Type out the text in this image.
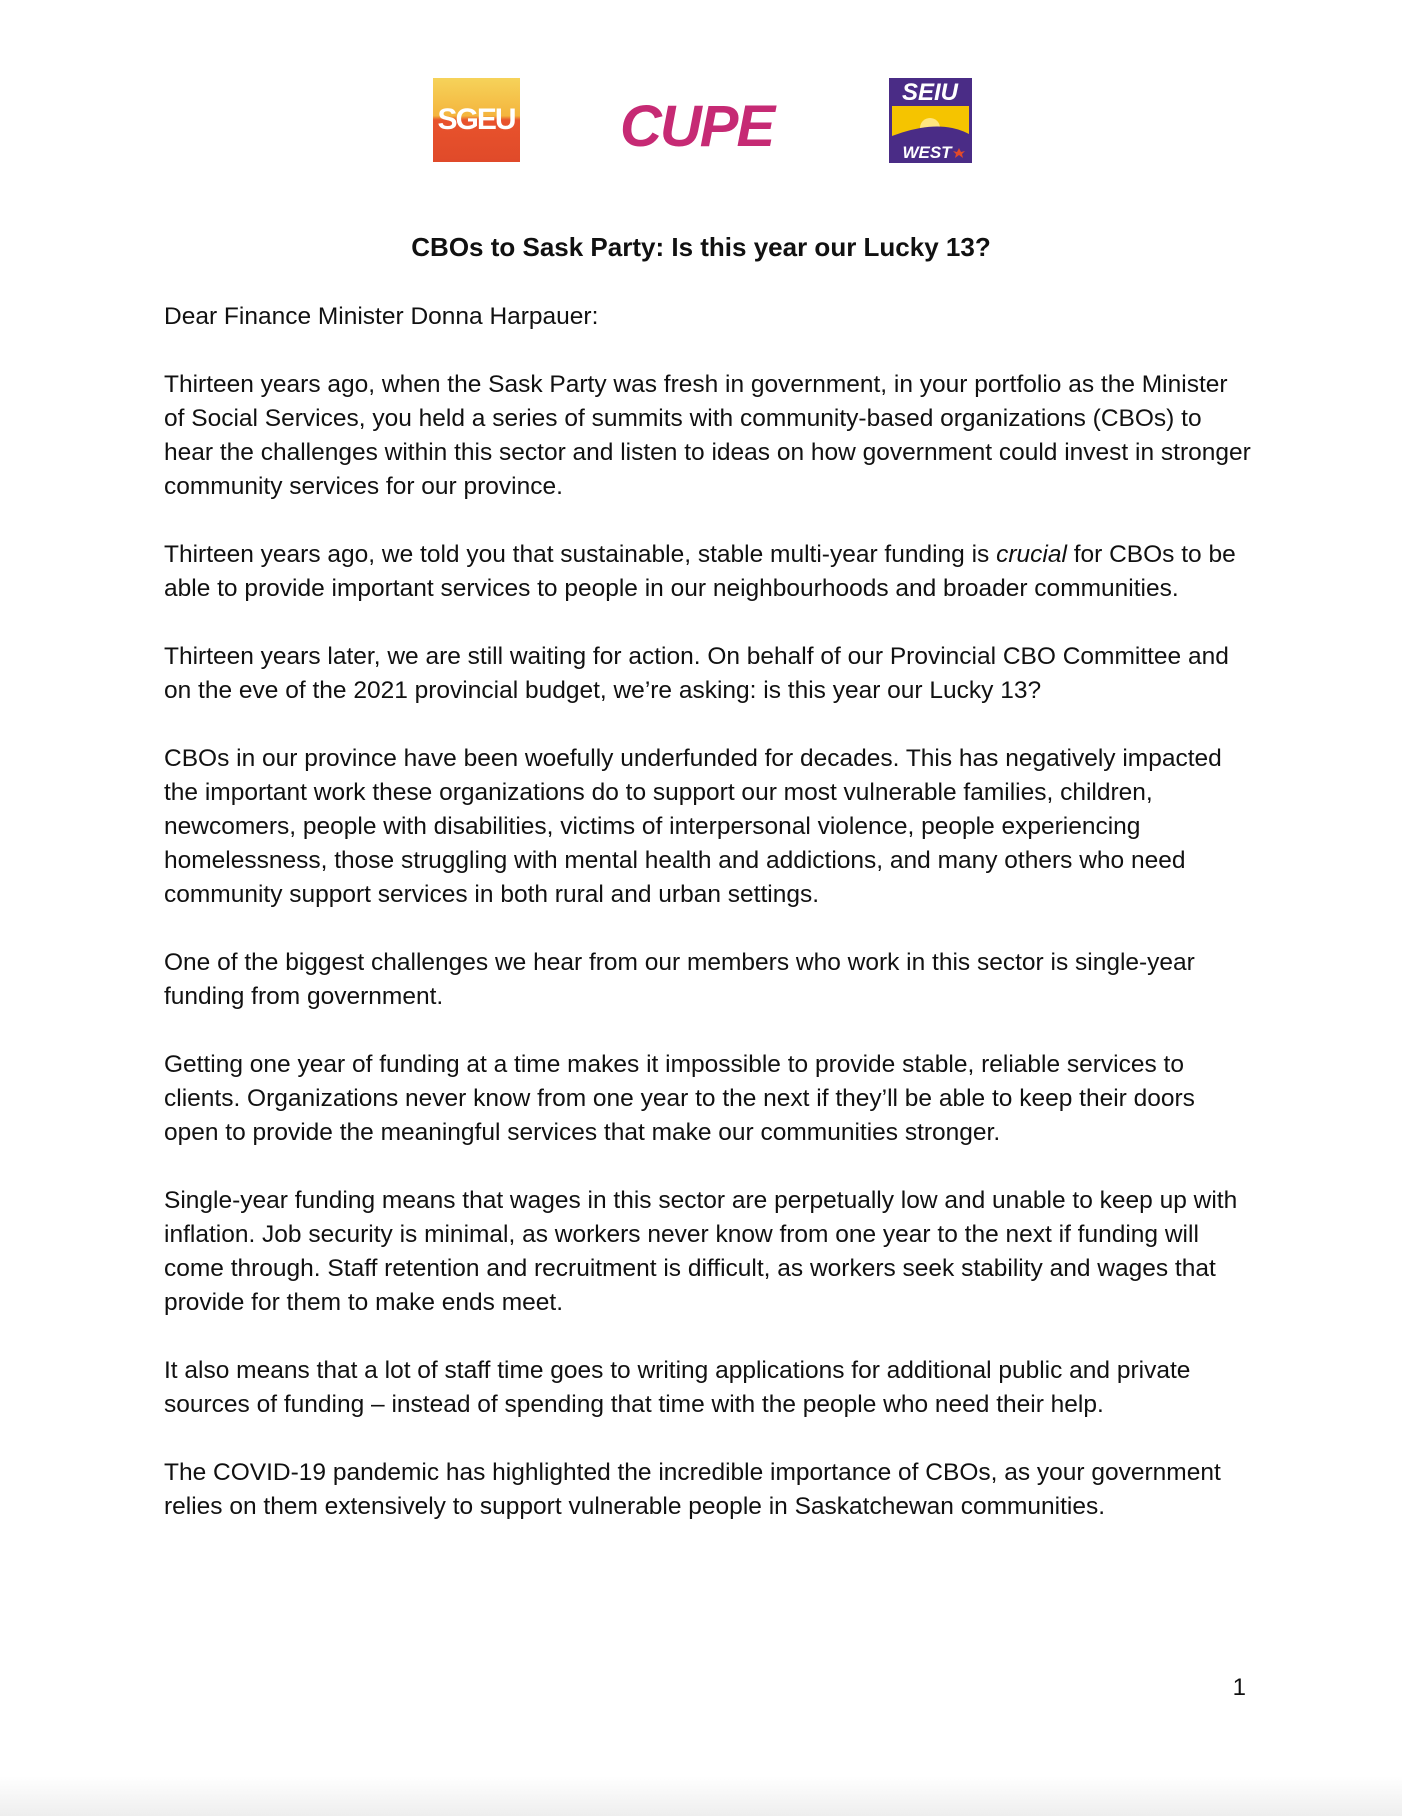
SGEU CUPE
SEIU
WEST
CBOs to Sask Party: Is this year our Lucky 13?

Dear Finance Minister Donna Harpauer:

Thirteen years ago, when the Sask Party was fresh in government, in your portfolio as the Minister of Social Services, you held a series of summits with community-based organizations (CBOs) to hear the challenges within this sector and listen to ideas on how government could invest in stronger community services for our province.

Thirteen years ago, we told you that sustainable, stable multi-year funding is crucial for CBOs to be able to provide important services to people in our neighbourhoods and broader communities.

Thirteen years later, we are still waiting for action. On behalf of our Provincial CBO Committee and on the eve of the 2021 provincial budget, we’re asking: is this year our Lucky 13?

CBOs in our province have been woefully underfunded for decades. This has negatively impacted the important work these organizations do to support our most vulnerable families, children, newcomers, people with disabilities, victims of interpersonal violence, people experiencing homelessness, those struggling with mental health and addictions, and many others who need community support services in both rural and urban settings.

One of the biggest challenges we hear from our members who work in this sector is single-year funding from government.

Getting one year of funding at a time makes it impossible to provide stable, reliable services to clients. Organizations never know from one year to the next if they’ll be able to keep their doors open to provide the meaningful services that make our communities stronger.

Single-year funding means that wages in this sector are perpetually low and unable to keep up with inflation. Job security is minimal, as workers never know from one year to the next if funding will come through. Staff retention and recruitment is difficult, as workers seek stability and wages that provide for them to make ends meet.

It also means that a lot of staff time goes to writing applications for additional public and private sources of funding – instead of spending that time with the people who need their help.

The COVID-19 pandemic has highlighted the incredible importance of CBOs, as your government relies on them extensively to support vulnerable people in Saskatchewan communities.

1
